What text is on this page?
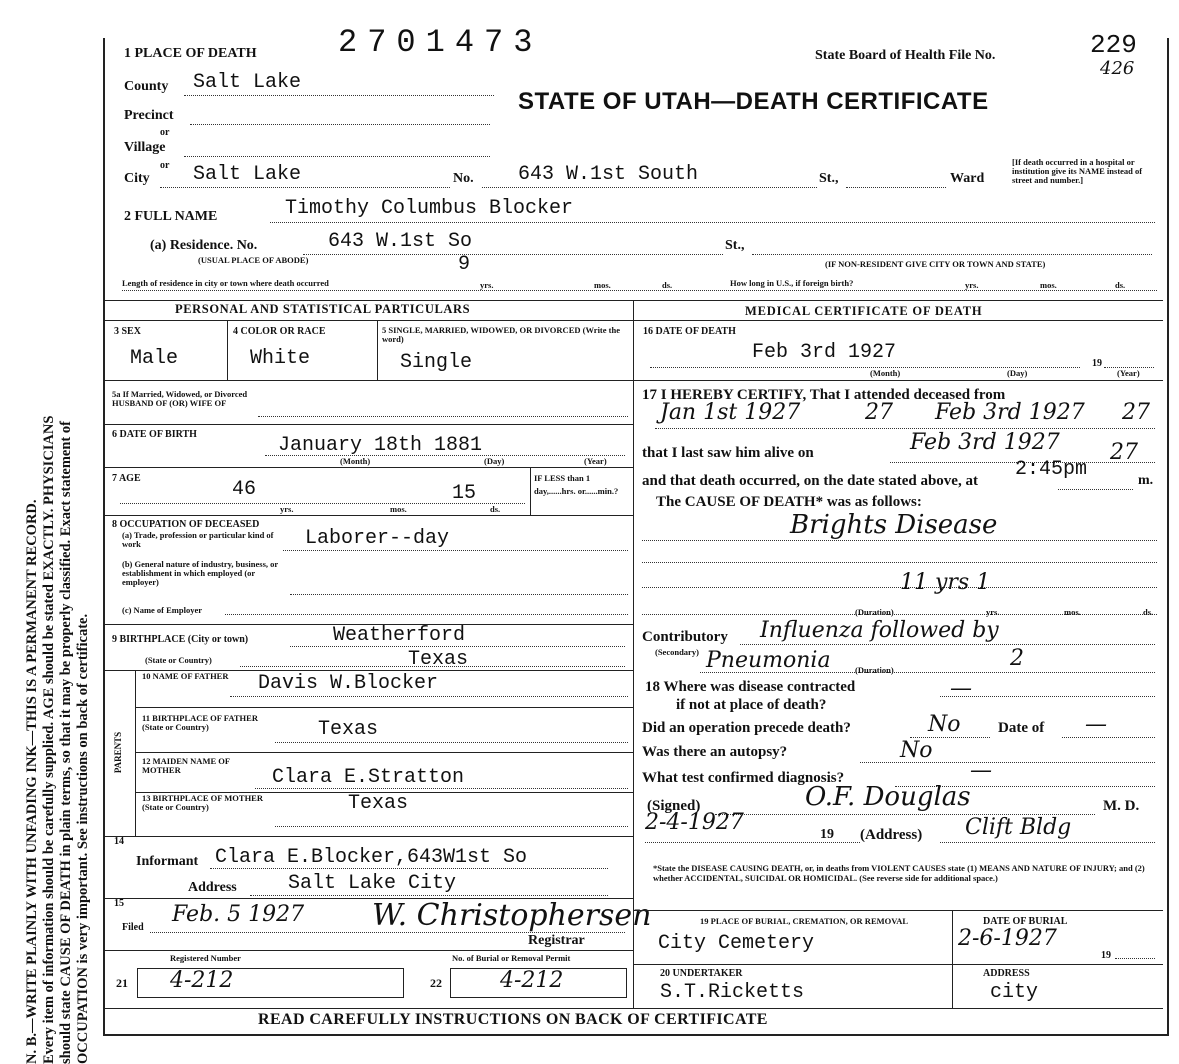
N. B.—WRITE PLAINLY WITH UNFADING INK—THIS IS A PERMANENT RECORD. Every item of information should be carefully supplied. AGE should be stated EXACTLY. PHYSICIANS should state CAUSE OF DEATH in plain terms, so that it may be properly classified. Exact statement of OCCUPATION is very important. See instructions on back of certificate.
1 PLACE OF DEATH	2701473	State Board of Health File No.	229
426
STATE OF UTAH—DEATH CERTIFICATE
County Salt Lake
Precinct
or
Village
or
City Salt Lake	No. 643 W.1st South	St.,	Ward
[If death occurred in a hospital or institution give its NAME instead of street and number.]
2 FULL NAME	Timothy Columbus Blocker
(a) Residence. No.
(USUAL PLACE OF ABODE)
643 W.1st So	St.,
(IF NON-RESIDENT GIVE CITY OR TOWN AND STATE)
Length of residence in city or town where death occurred
9
yrs.	mos.	ds.	How long in U.S., if foreign birth?	yrs.	mos.	ds.
PERSONAL AND STATISTICAL PARTICULARS	MEDICAL CERTIFICATE OF DEATH
3 SEX
Male
4 COLOR OR RACE
White
5 SINGLE, MARRIED, WIDOWED, OR DIVORCED (Write the word)
Single
5a If Married, Widowed, or Divorced HUSBAND OF (OR) WIFE OF
6 DATE OF BIRTH	January 18th 1881
(Month)	(Day)	(Year)
7 AGE	46	15
yrs.	mos.	ds.
IF LESS than 1 day,......hrs. or......min.?
8 OCCUPATION OF DECEASED
(a) Trade, profession or particular kind of work	Laborer--day
(b) General nature of industry, business, or establishment in which employed (or employer)
(c) Name of Employer
9 BIRTHPLACE (City or town)	Weatherford
(State or Country)	Texas
PARENTS
10 NAME OF FATHER Davis W.Blocker
11 BIRTHPLACE OF FATHER (State or Country)	Texas
12 MAIDEN NAME OF MOTHER	Clara E.Stratton
13 BIRTHPLACE OF MOTHER (State or Country)	Texas
14
Informant Clara E.Blocker,643W1st So
Address	Salt Lake City
15
Filed
Feb. 5 1927 W. Christophersen
Registrar
Registered Number
21 4-212
No. of Burial or Removal Permit
22	4-212
16 DATE OF DEATH
Feb 3rd 1927	19
(Month)	(Day)	(Year)
17 I HEREBY CERTIFY, That I attended deceased from
Jan 1st 1927	27 Feb 3rd 1927 27
that I last saw him alive on	Feb 3rd 1927 27
and that death occurred, on the date stated above, at 2:45pm	m.
The CAUSE OF DEATH* was as follows:
Brights Disease
11 yrs 1
(Duration)	yrs.	mos.	ds.
Contributory
(Secondary)
Influenza followed by
Pneumonia	(Duration)	2
18 Where was disease contracted
if not at place of death?
—
Did an operation precede death?	No	Date of —
Was there an autopsy?	No
What test confirmed diagnosis?	—
(Signed)	O.F. Douglas	M. D.
2-4-1927	19 (Address) Clift Bldg
*State the DISEASE CAUSING DEATH, or, in deaths from VIOLENT CAUSES state (1) MEANS AND NATURE OF INJURY; and (2) whether ACCIDENTAL, SUICIDAL OR HOMICIDAL. (See reverse side for additional space.)
19 PLACE OF BURIAL, CREMATION, OR REMOVAL
City Cemetery
DATE OF BURIAL
2-6-1927
19
20 UNDERTAKER
S.T.Ricketts
ADDRESS
city
READ CAREFULLY INSTRUCTIONS ON BACK OF CERTIFICATE
